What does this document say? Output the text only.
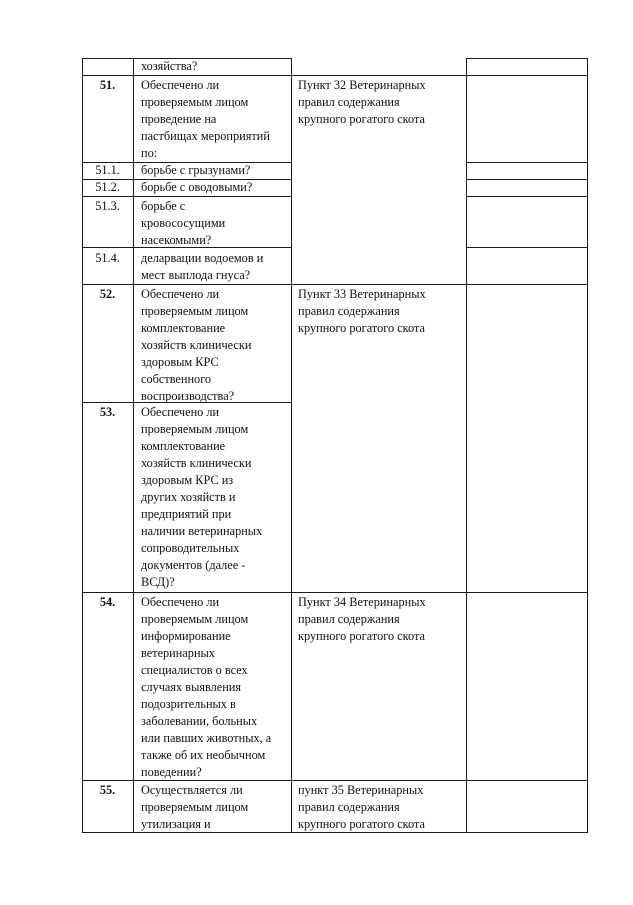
хозяйства?
51.	Обеспечено ли
проверяемым лицом
проведение на
пастбищах мероприятий
по:
Пункт 32 Ветеринарных
правил содержания
крупного рогатого скота
51.1.	борьбе с грызунами?
51.2.	борьбе с оводовыми?
51.3.	борьбе с
кровососущими
насекомыми?
51.4.	деларвации водоемов и
мест выплода гнуса?
52.	Обеспечено ли
проверяемым лицом
комплектование
хозяйств клинически
здоровым КРС
собственного
воспроизводства?
Пункт 33 Ветеринарных
правил содержания
крупного рогатого скота
53.	Обеспечено ли
проверяемым лицом
комплектование
хозяйств клинически
здоровым КРС из
других хозяйств и
предприятий при
наличии ветеринарных
сопроводительных
документов (далее -
ВСД)?
54.	Обеспечено ли
проверяемым лицом
информирование
ветеринарных
специалистов о всех
случаях выявления
подозрительных в
заболевании, больных
или павших животных, а
также об их необычном
поведении?
Пункт 34 Ветеринарных
правил содержания
крупного рогатого скота
55.	Осуществляется ли
проверяемым лицом
утилизация и
пункт 35 Ветеринарных
правил содержания
крупного рогатого скота
